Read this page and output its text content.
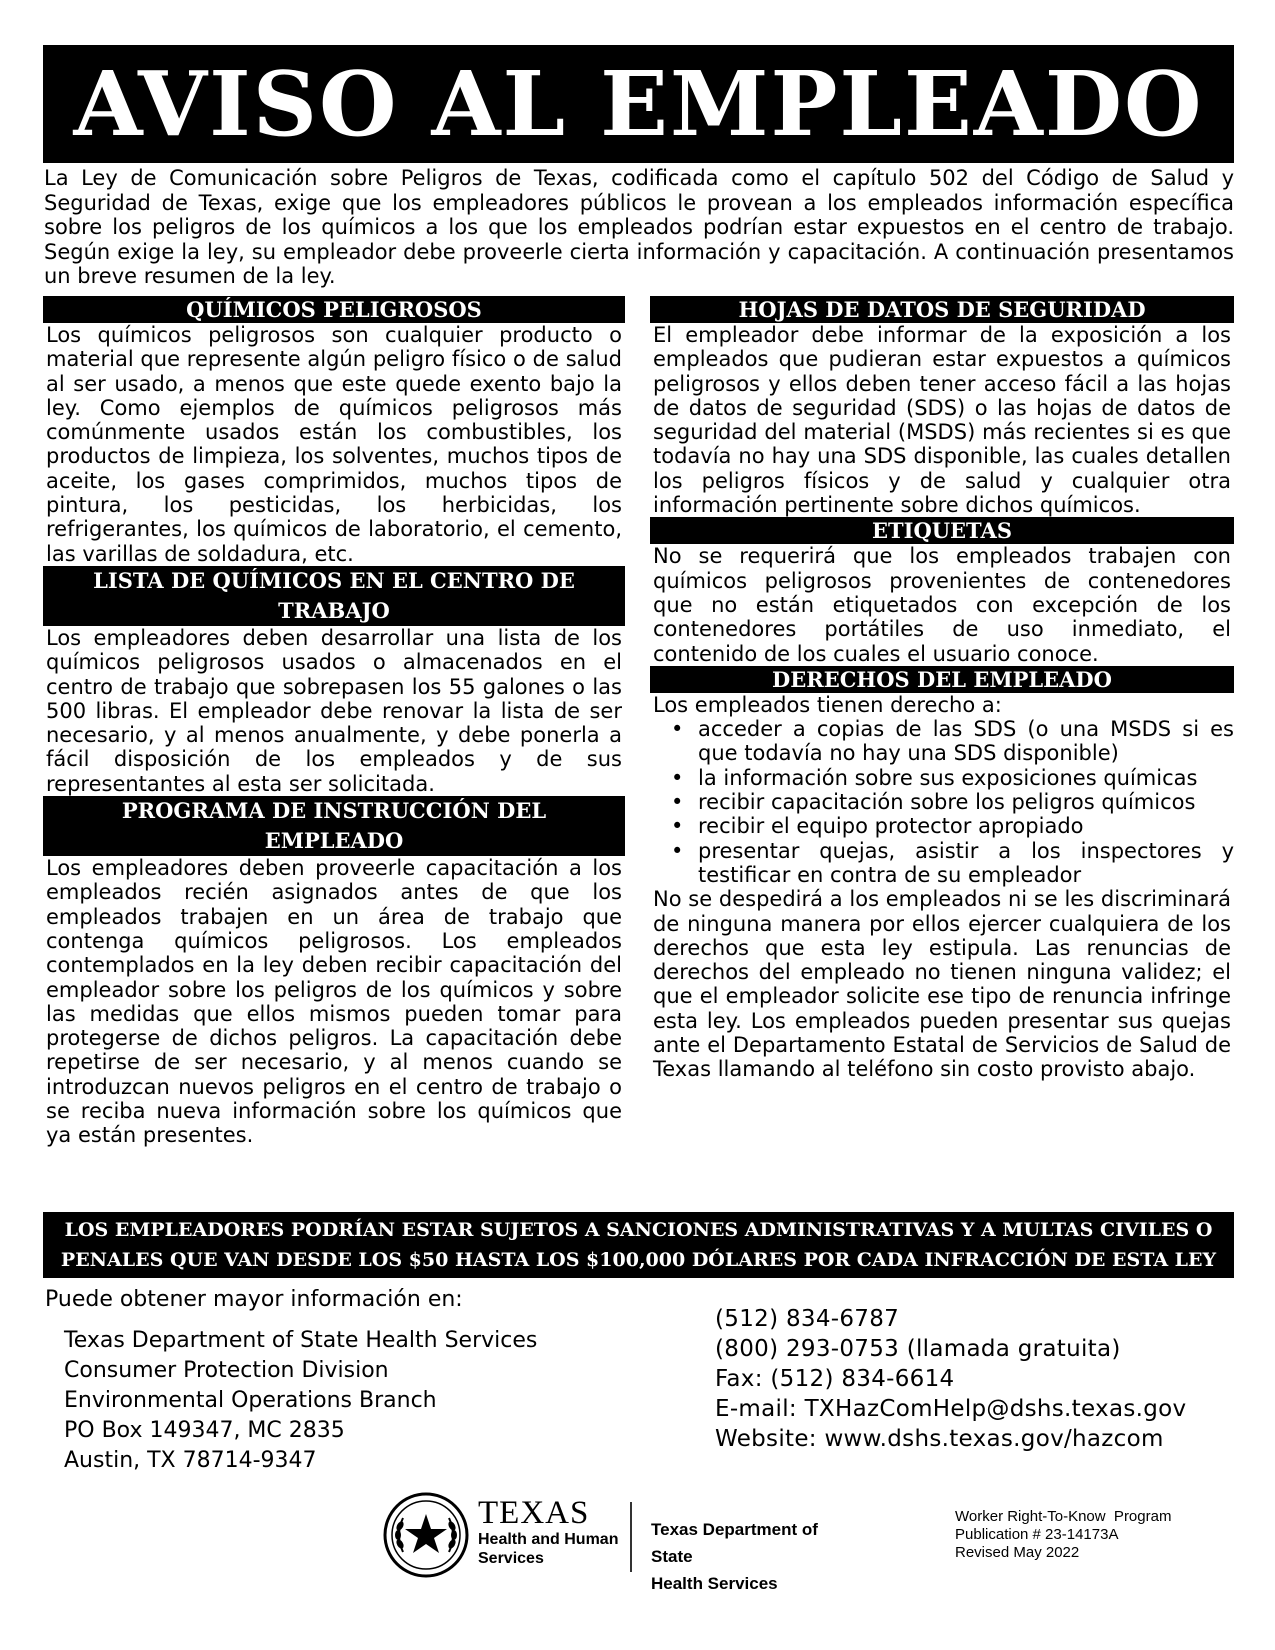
AVISO AL EMPLEADO
La Ley de Comunicación sobre Peligros de Texas, codificada como el capítulo 502 del Código de Salud y Seguridad de Texas, exige que los empleadores públicos le provean a los empleados información específica sobre los peligros de los químicos a los que los empleados podrían estar expuestos en el centro de trabajo. Según exige la ley, su empleador debe proveerle cierta información y capacitación. A continuación presentamos un breve resumen de la ley.
QUÍMICOS PELIGROSOS
Los químicos peligrosos son cualquier producto o material que represente algún peligro físico o de salud al ser usado, a menos que este quede exento bajo la ley. Como ejemplos de químicos peligrosos más comúnmente usados están los combustibles, los productos de limpieza, los solventes, muchos tipos de aceite, los gases comprimidos, muchos tipos de pintura, los pesticidas, los herbicidas, los refrigerantes, los químicos de laboratorio, el cemento, las varillas de soldadura, etc.
LISTA DE QUÍMICOS EN EL CENTRO DE TRABAJO
Los empleadores deben desarrollar una lista de los químicos peligrosos usados o almacenados en el centro de trabajo que sobrepasen los 55 galones o las 500 libras. El empleador debe renovar la lista de ser necesario, y al menos anualmente, y debe ponerla a fácil disposición de los empleados y de sus representantes al esta ser solicitada.
PROGRAMA DE INSTRUCCIÓN DEL EMPLEADO
Los empleadores deben proveerle capacitación a los empleados recién asignados antes de que los empleados trabajen en un área de trabajo que contenga químicos peligrosos. Los empleados contemplados en la ley deben recibir capacitación del empleador sobre los peligros de los químicos y sobre las medidas que ellos mismos pueden tomar para protegerse de dichos peligros. La capacitación debe repetirse de ser necesario, y al menos cuando se introduzcan nuevos peligros en el centro de trabajo o se reciba nueva información sobre los químicos que ya están presentes.
HOJAS DE DATOS DE SEGURIDAD
El empleador debe informar de la exposición a los empleados que pudieran estar expuestos a químicos peligrosos y ellos deben tener acceso fácil a las hojas de datos de seguridad (SDS) o las hojas de datos de seguridad del material (MSDS) más recientes si es que todavía no hay una SDS disponible, las cuales detallen los peligros físicos y de salud y cualquier otra información pertinente sobre dichos químicos.
ETIQUETAS
No se requerirá que los empleados trabajen con químicos peligrosos provenientes de contenedores que no están etiquetados con excepción de los contenedores portátiles de uso inmediato, el contenido de los cuales el usuario conoce.
DERECHOS DEL EMPLEADO
Los empleados tienen derecho a:
• acceder a copias de las SDS (o una MSDS si es que todavía no hay una SDS disponible)
• la información sobre sus exposiciones químicas
• recibir capacitación sobre los peligros químicos
• recibir el equipo protector apropiado
• presentar quejas, asistir a los inspectores y testificar en contra de su empleador
No se despedirá a los empleados ni se les discriminará de ninguna manera por ellos ejercer cualquiera de los derechos que esta ley estipula. Las renuncias de derechos del empleado no tienen ninguna validez; el que el empleador solicite ese tipo de renuncia infringe esta ley. Los empleados pueden presentar sus quejas ante el Departamento Estatal de Servicios de Salud de Texas llamando al teléfono sin costo provisto abajo.
LOS EMPLEADORES PODRÍAN ESTAR SUJETOS A SANCIONES ADMINISTRATIVAS Y A MULTAS CIVILES O
PENALES QUE VAN DESDE LOS $50 HASTA LOS $100,000 DÓLARES POR CADA INFRACCIÓN DE ESTA LEY
Puede obtener mayor información en:
Texas Department of State Health Services
Consumer Protection Division
Environmental Operations Branch
PO Box 149347, MC 2835
Austin, TX 78714-9347
(512) 834-6787
(800) 293-0753 (llamada gratuita)
Fax: (512) 834-6614
E-mail: TXHazComHelp@dshs.texas.gov
Website: www.dshs.texas.gov/hazcom
TEXAS
Health and Human
Services
Texas Department of State
Health Services
Worker Right-To-Know  Program
Publication # 23-14173A
Revised May 2022
